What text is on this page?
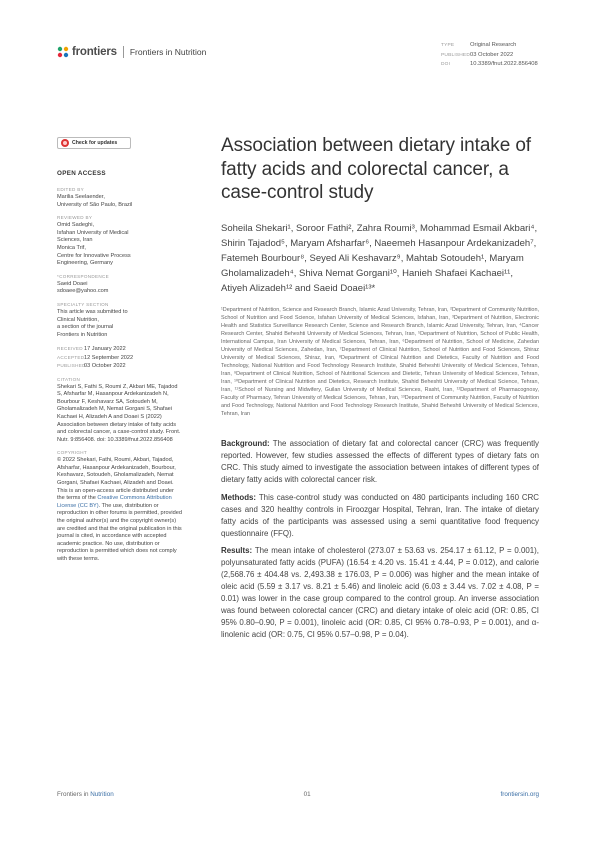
frontiers Frontiers in Nutrition
TYPE	Original Research
PUBLISHED 03 October 2022
DOI	10.3389/fnut.2022.856408
Check for updates
OPEN ACCESS
EDITED BY
Marilia Seelaender,
University of São Paulo, Brazil
REVIEWED BY
Omid Sadeghi,
Isfahan University of Medical
Sciences, Iran
Monica Trif,
Centre for Innovative Process
Engineering, Germany
*CORRESPONDENCE
Saeid Doaei
sdoaee@yahoo.com
SPECIALTY SECTION
This article was submitted to
Clinical Nutrition,
a section of the journal
Frontiers in Nutrition
RECEIVED 17 January 2022
ACCEPTED 12 September 2022
PUBLISHED
03 October 2022
CITATION
Shekari S, Fathi S, Roumi Z, Akbari ME, Tajadod S, Afsharfar M, Hasanpour Ardekanizadeh N, Bourbour F, Keshavarz SA, Sotoudeh M, Gholamalizadeh M, Nemat Gorgani S, Shafaei Kachaei H, Alizadeh A and Doaei S (2022) Association between dietary intake of fatty acids and colorectal cancer, a case-control study. Front. Nutr. 9:856408. doi: 10.3389/fnut.2022.856408
COPYRIGHT
© 2022 Shekari, Fathi, Roumi, Akbari, Tajadod, Afsharfar, Hasanpour Ardekanizadeh, Bourbour, Keshavarz, Sotoudeh, Gholamalizadeh, Nemat Gorgani, Shafaei Kachaei, Alizadeh and Doaei. This is an open-access article distributed under the terms of the Creative Commons Attribution License (CC BY). The use, distribution or reproduction in other forums is permitted, provided the original author(s) and the copyright owner(s) are credited and that the original publication in this journal is cited, in accordance with accepted academic practice. No use, distribution or reproduction is permitted which does not comply with these terms.
Association between dietary intake of fatty acids and colorectal cancer, a case-control study
Soheila Shekari¹, Soroor Fathi², Zahra Roumi³, Mohammad Esmail Akbari⁴, Shirin Tajadod⁵, Maryam Afsharfar⁶, Naeemeh Hasanpour Ardekanizadeh⁷, Fatemeh Bourbour⁸, Seyed Ali Keshavarz⁹, Mahtab Sotoudeh¹, Maryam Gholamalizadeh⁴, Shiva Nemat Gorgani¹⁰, Hanieh Shafaei Kachaei¹¹, Atiyeh Alizadeh¹² and Saeid Doaei¹³*
¹Department of Nutrition, Science and Research Branch, Islamic Azad University, Tehran, Iran, ²Department of Community Nutrition, School of Nutrition and Food Science, Isfahan University of Medical Sciences, Isfahan, Iran, ³Department of Nutrition, Electronic Health and Statistics Surveillance Research Center, Science and Research Branch, Islamic Azad University, Tehran, Iran, ⁴Cancer Research Center, Shahid Beheshti University of Medical Sciences, Tehran, Iran, ⁵Department of Nutrition, School of Public Health, International Campus, Iran University of Medical Sciences, Tehran, Iran, ⁶Department of Nutrition, School of Medicine, Zahedan University of Medical Sciences, Zahedan, Iran, ⁷Department of Clinical Nutrition, School of Nutrition and Food Sciences, Shiraz University of Medical Sciences, Shiraz, Iran, ⁸Department of Clinical Nutrition and Dietetics, Faculty of Nutrition and Food Technology, National Nutrition and Food Technology Research Institute, Shahid Beheshti University of Medical Sciences, Tehran, Iran, ⁹Department of Clinical Nutrition, School of Nutritional Sciences and Dietetic, Tehran University of Medical Sciences, Tehran, Iran, ¹⁰Department of Clinical Nutrition and Dietetics, Research Institute, Shahid Beheshti University of Medical Science, Tehran, Iran, ¹¹School of Nursing and Midwifery, Guilan University of Medical Sciences, Rasht, Iran, ¹²Department of Pharmacognosy, Faculty of Pharmacy, Tehran University of Medical Sciences, Tehran, Iran, ¹³Department of Community Nutrition, Faculty of Nutrition and Food Technology, National Nutrition and Food Technology Research Institute, Shahid Beheshti University of Medical Sciences, Tehran, Iran

Background: The association of dietary fat and colorectal cancer (CRC) was frequently reported. However, few studies assessed the effects of different types of dietary fats on CRC. This study aimed to investigate the association between intakes of different types of dietary fatty acids with colorectal cancer risk.

Methods: This case-control study was conducted on 480 participants including 160 CRC cases and 320 healthy controls in Firoozgar Hospital, Tehran, Iran. The intake of dietary fatty acids of the participants was assessed using a semi quantitative food frequency questionnaire (FFQ).

Results: The mean intake of cholesterol (273.07 ± 53.63 vs. 254.17 ± 61.12, P = 0.001), polyunsaturated fatty acids (PUFA) (16.54 ± 4.20 vs. 15.41 ± 4.44, P = 0.012), and calorie (2,568.76 ± 404.48 vs. 2,493.38 ± 176.03, P = 0.006) was higher and the mean intake of oleic acid (5.59 ± 3.17 vs. 8.21 ± 5.46) and linoleic acid (6.03 ± 3.44 vs. 7.02 ± 4.08, P = 0.01) was lower in the case group compared to the control group. An inverse association was found between colorectal cancer (CRC) and dietary intake of oleic acid (OR: 0.85, CI 95% 0.80–0.90, P = 0.001), linoleic acid (OR: 0.85, CI 95% 0.78–0.93, P = 0.001), and α-linolenic acid (OR: 0.75, CI 95% 0.57–0.98, P = 0.04).

Frontiers in Nutrition	01	frontiersin.org
